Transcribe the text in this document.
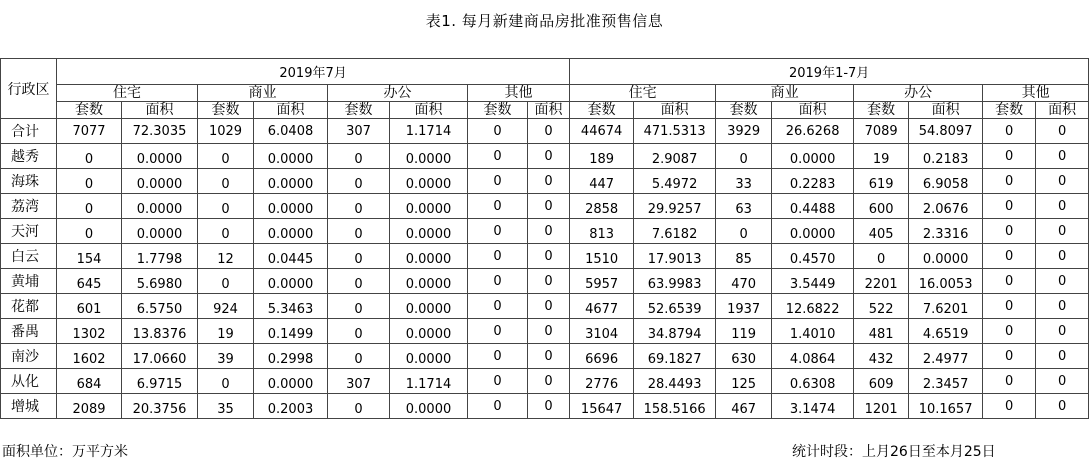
表1. 每月新建商品房批准预售信息
行政区	2019年7月								2019年1-7月							
	住宅		商业		办公		其他		住宅		商业		办公		其他	
	套数	面积	套数	面积	套数	面积	套数	面积	套数	面积	套数	面积	套数	面积	套数	面积
合计	7077	72.3035	1029	6.0408	307	1.1714	0	0	44674	471.5313	3929	26.6268	7089	54.8097	0	0
越秀	0	0.0000	0	0.0000	0	0.0000	0	0	189	2.9087	0	0.0000	19	0.2183	0	0
海珠	0	0.0000	0	0.0000	0	0.0000	0	0	447	5.4972	33	0.2283	619	6.9058	0	0
荔湾	0	0.0000	0	0.0000	0	0.0000	0	0	2858	29.9257	63	0.4488	600	2.0676	0	0
天河	0	0.0000	0	0.0000	0	0.0000	0	0	813	7.6182	0	0.0000	405	2.3316	0	0
白云	154	1.7798	12	0.0445	0	0.0000	0	0	1510	17.9013	85	0.4570	0	0.0000	0	0
黄埔	645	5.6980	0	0.0000	0	0.0000	0	0	5957	63.9983	470	3.5449	2201	16.0053	0	0
花都	601	6.5750	924	5.3463	0	0.0000	0	0	4677	52.6539	1937	12.6822	522	7.6201	0	0
番禺	1302	13.8376	19	0.1499	0	0.0000	0	0	3104	34.8794	119	1.4010	481	4.6519	0	0
南沙	1602	17.0660	39	0.2998	0	0.0000	0	0	6696	69.1827	630	4.0864	432	2.4977	0	0
从化	684	6.9715	0	0.0000	307	1.1714	0	0	2776	28.4493	125	0.6308	609	2.3457	0	0
增城	2089	20.3756	35	0.2003	0	0.0000	0	0	15647	158.5166	467	3.1474	1201	10.1657	0	0
面积单位：万平方米	统计时段：上月26日至本月25日
